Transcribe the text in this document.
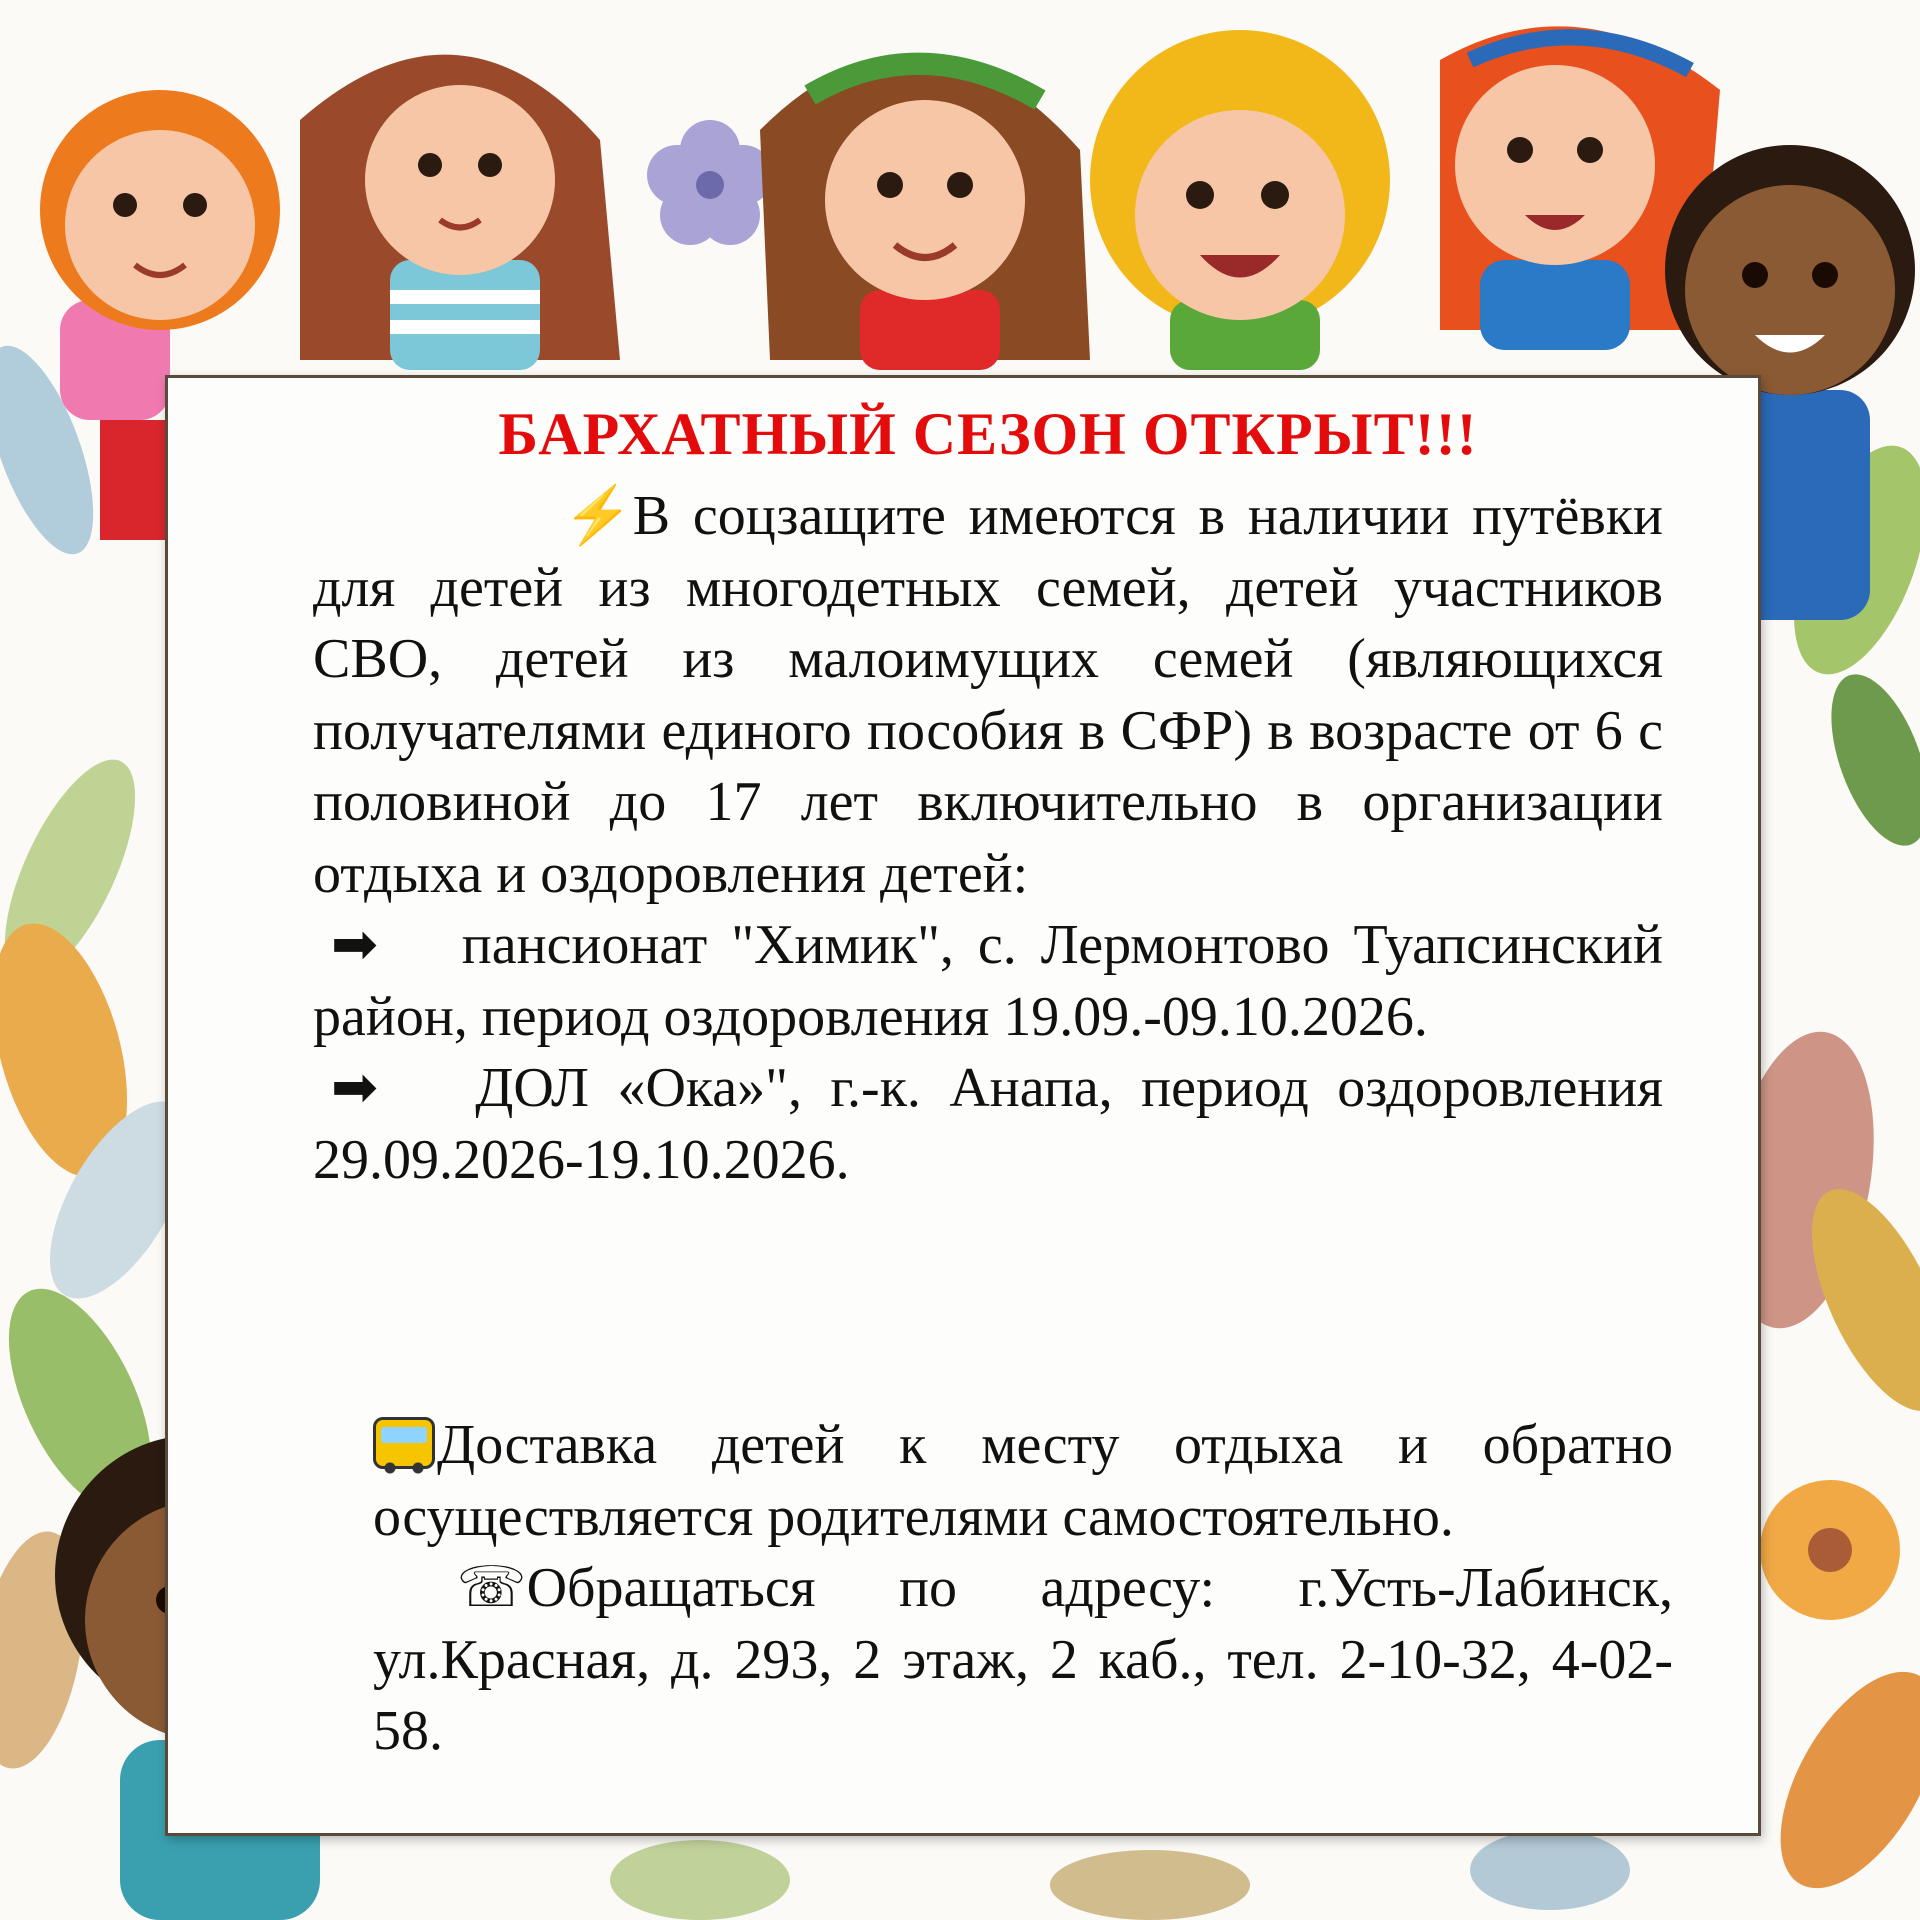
БАРХАТНЫЙ СЕЗОН ОТКРЫТ!!!

⚡В соцзащите имеются в наличии путёвки для детей из многодетных семей, детей участников СВО, детей из малоимущих семей (являющихся получателями единого пособия в СФР) в возрасте от 6 с половиной до 17 лет включительно в организации отдыха и оздоровления детей:

➡ пансионат "Химик", с. Лермонтово Туапсинский район, период оздоровления 19.09.-09.10.2026.

➡ ДОЛ «Ока»", г.-к. Анапа, период оздоровления 29.09.2026-19.10.2026.

Доставка детей к месту отдыха и обратно осуществляется родителями самостоятельно.

☏Обращаться по адресу: г.Усть-Лабинск, ул.Красная, д. 293, 2 этаж, 2 каб., тел. 2-10-32, 4-02-58.
